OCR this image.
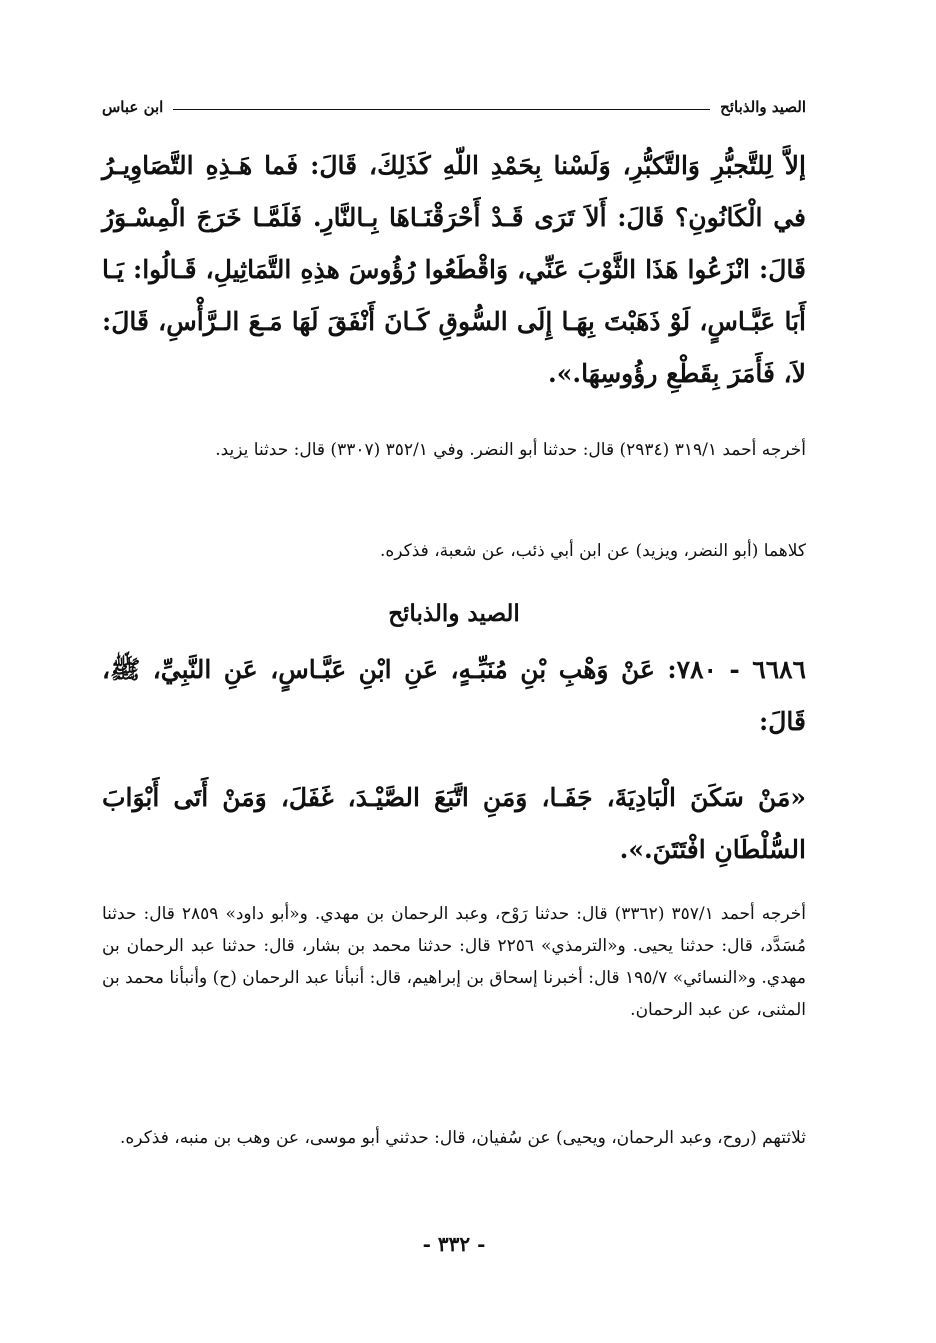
الصيد والذبائح
ابن عباس
إلاَّ لِلتَّجبُّرِ وَالتَّكبُّرِ، وَلَسْنا بِحَمْدِ اللّهِ كَذَلِكَ، قَالَ: فَما هَـذِهِ التَّصَاوِيـرُ في الْكَانُونِ؟ قَالَ: أَلاَ تَرَى قَـدْ أَحْرَقْنَـاهَا بِـالنَّارِ. فَلَمَّـا خَرَجَ الْمِسْـوَرُ قَالَ: انْزَعُوا هَذَا الثَّوْبَ عَنِّي، وَاقْطَعُوا رُؤُوسَ هذِهِ التَّمَاثِيلِ، قَـالُوا: يَـا أَبَا عَبَّـاسٍ، لَوْ ذَهَبْتَ بِهَـا إِلَى السُّوقِ كَـانَ أَنْفَقَ لَهَا مَـعَ الـرَّأْسِ، قَالَ: لاَ، فَأَمَرَ بِقَطْعِ رؤُوسِهَا.».
أخرجه أحمد ٣١٩/١ (٢٩٣٤) قال: حدثنا أبو النضر. وفي ٣٥٢/١ (٣٣٠٧) قال: حدثنا يزيد.
كلاهما (أبو النضر، ويزيد) عن ابن أبي ذئب، عن شعبة، فذكره.
الصيد والذبائح
٦٦٨٦ - ٧٨٠: عَنْ وَهْبِ بْنِ مُنَبِّـهٍ، عَنِ ابْنِ عَبَّـاسٍ، عَنِ النَّبِيِّ، ﷺ، قَالَ:
«مَنْ سَكَنَ الْبَادِيَةَ، جَفَـا، وَمَنِ اتَّبَعَ الصَّيْـدَ، غَفَلَ، وَمَنْ أَتَى أَبْوَابَ السُّلْطَانِ افْتَتَنَ.».
أخرجه أحمد ٣٥٧/١ (٣٣٦٢) قال: حدثنا رَوْح، وعبد الرحمان بن مهدي. و«أبو داود» ٢٨٥٩ قال: حدثنا مُسَدَّد، قال: حدثنا يحيى. و«الترمذي» ٢٢٥٦ قال: حدثنا محمد بن بشار، قال: حدثنا عبد الرحمان بن مهدي. و«النسائي» ١٩٥/٧ قال: أخبرنا إسحاق بن إبراهيم، قال: أنبأنا عبد الرحمان (ح) وأنبأنا محمد بن المثنى، عن عبد الرحمان.
ثلاثتهم (روح، وعبد الرحمان، ويحيى) عن سُفيان، قال: حدثني أبو موسى، عن وهب بن منبه، فذكره.
- ٣٣٢ -
